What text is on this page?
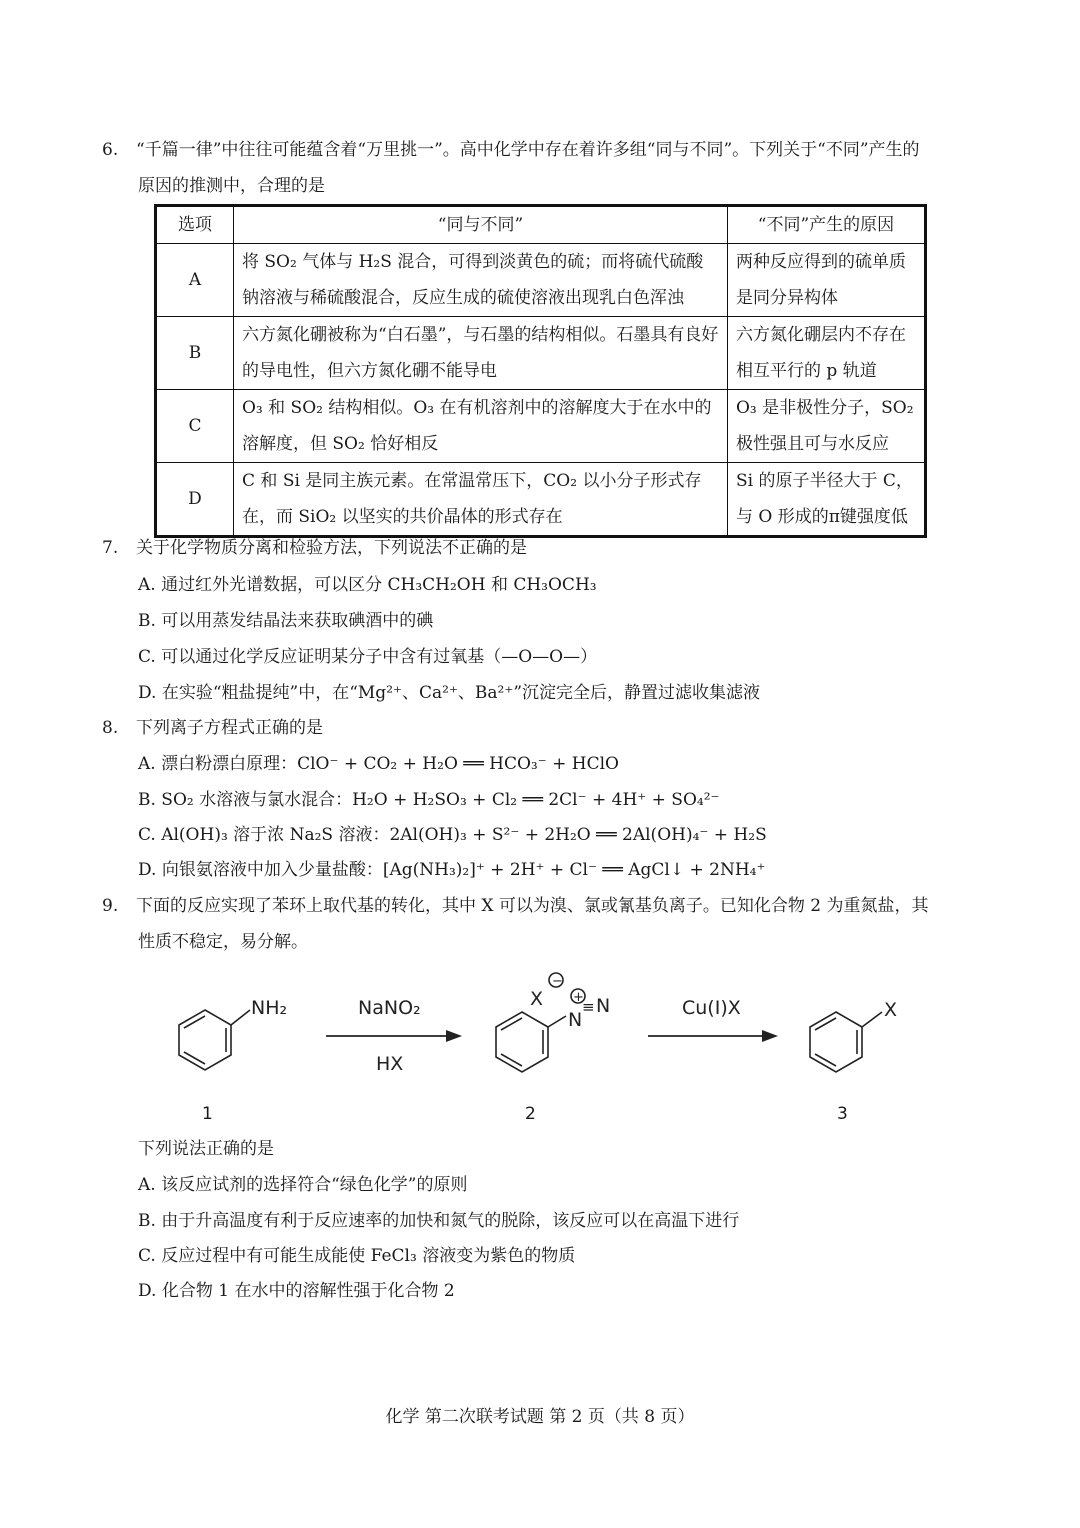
6. “千篇一律”中往往可能蕴含着“万里挑一”。高中化学中存在着许多组“同与不同”。下列关于“不同”产生的
原因的推测中，合理的是
选项	“同与不同”	“不同”产生的原因
A	将 SO₂ 气体与 H₂S 混合，可得到淡黄色的硫；而将硫代硫酸钠溶液与稀硫酸混合，反应生成的硫使溶液出现乳白色浑浊	两种反应得到的硫单质是同分异构体
B	六方氮化硼被称为“白石墨”，与石墨的结构相似。石墨具有良好的导电性，但六方氮化硼不能导电	六方氮化硼层内不存在相互平行的 p 轨道
C	O₃ 和 SO₂ 结构相似。O₃ 在有机溶剂中的溶解度大于在水中的溶解度，但 SO₂ 恰好相反	O₃ 是非极性分子，SO₂ 极性强且可与水反应
D	C 和 Si 是同主族元素。在常温常压下，CO₂ 以小分子形式存在，而 SiO₂ 以坚实的共价晶体的形式存在	Si 的原子半径大于 C，与 O 形成的π键强度低
7. 关于化学物质分离和检验方法，下列说法不正确的是
A. 通过红外光谱数据，可以区分 CH₃CH₂OH 和 CH₃OCH₃
B. 可以用蒸发结晶法来获取碘酒中的碘
C. 可以通过化学反应证明某分子中含有过氧基（—O—O—）
D. 在实验“粗盐提纯”中，在“Mg²⁺、Ca²⁺、Ba²⁺”沉淀完全后，静置过滤收集滤液
8. 下列离子方程式正确的是
A. 漂白粉漂白原理：ClO⁻ + CO₂ + H₂O ══ HCO₃⁻ + HClO
B. SO₂ 水溶液与氯水混合：H₂O + H₂SO₃ + Cl₂ ══ 2Cl⁻ + 4H⁺ + SO₄²⁻
C. Al(OH)₃ 溶于浓 Na₂S 溶液：2Al(OH)₃ + S²⁻ + 2H₂O ══ 2Al(OH)₄⁻ + H₂S
D. 向银氨溶液中加入少量盐酸：[Ag(NH₃)₂]⁺ + 2H⁺ + Cl⁻ ══ AgCl↓ + 2NH₄⁺
9. 下面的反应实现了苯环上取代基的转化，其中 X 可以为溴、氯或氰基负离子。已知化合物 2 为重氮盐，其
性质不稳定，易分解。
NH₂	NaNO₂
HX
Cu(I)X
X
−
+
N
≡ N	X
1	2	3
下列说法正确的是
A. 该反应试剂的选择符合“绿色化学”的原则
B. 由于升高温度有利于反应速率的加快和氮气的脱除，该反应可以在高温下进行
C. 反应过程中有可能生成能使 FeCl₃ 溶液变为紫色的物质
D. 化合物 1 在水中的溶解性强于化合物 2
化学 第二次联考试题 第 2 页（共 8 页）
